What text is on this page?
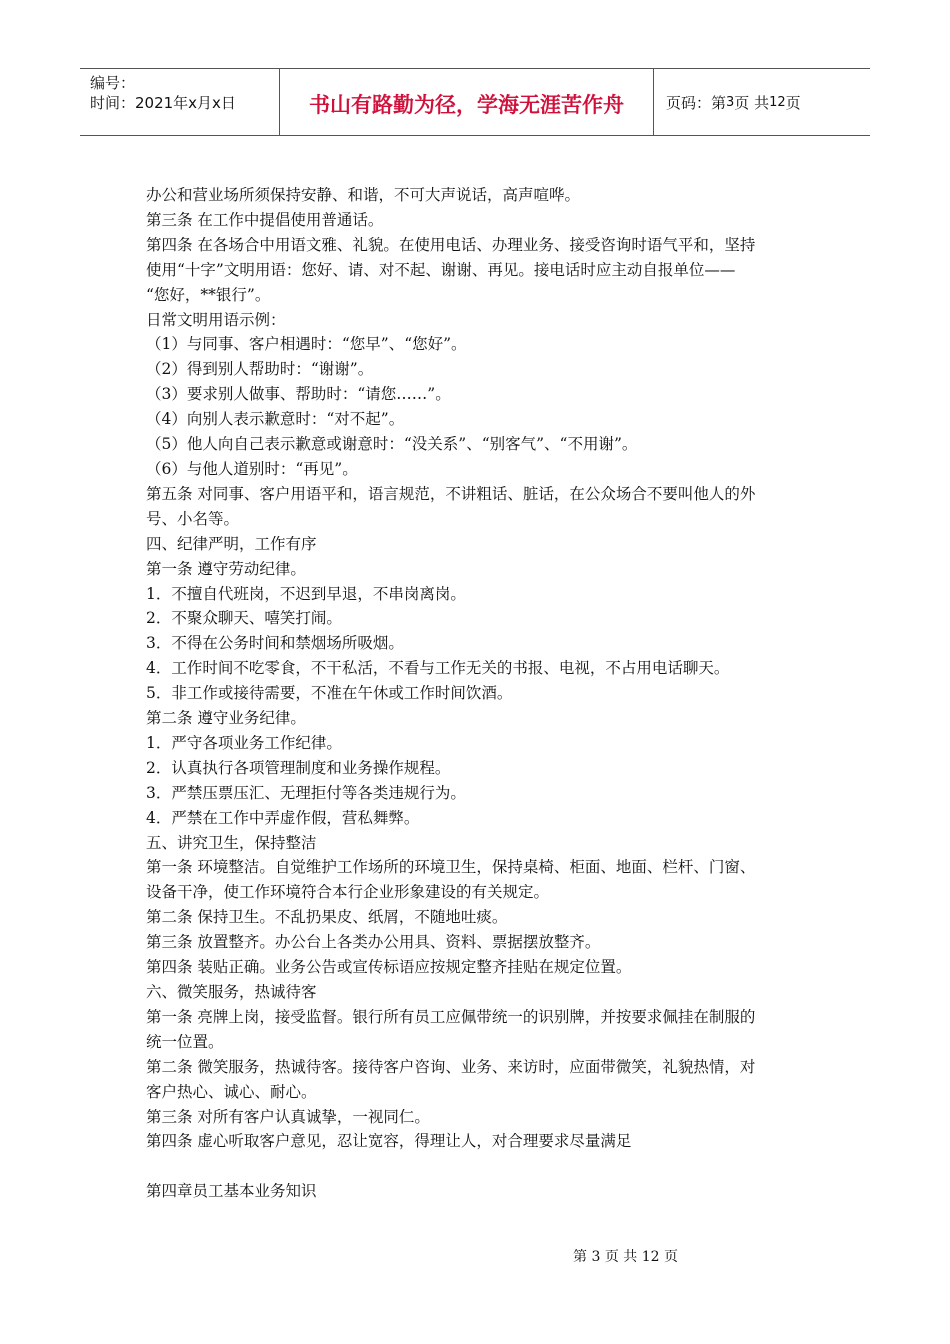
编号：
时间：2021年x月x日	书山有路勤为径，学海无涯苦作舟	页码：第 3 页 共 12 页

办公和营业场所须保持安静、和谐，不可大声说话，高声喧哗。

第三条 在工作中提倡使用普通话。

第四条 在各场合中用语文雅、礼貌。在使用电话、办理业务、接受咨询时语气平和，坚持

使用“十字”文明用语：您好、请、对不起、谢谢、再见。接电话时应主动自报单位——

“您好，**银行”。

日常文明用语示例：

（1）与同事、客户相遇时：“您早”、“您好”。

（2）得到别人帮助时：“谢谢”。

（3）要求别人做事、帮助时：“请您……”。

（4）向别人表示歉意时：“对不起”。

（5）他人向自己表示歉意或谢意时：“没关系”、“别客气”、“不用谢”。

（6）与他人道别时：“再见”。

第五条 对同事、客户用语平和，语言规范，不讲粗话、脏话，在公众场合不要叫他人的外

号、小名等。

四、纪律严明，工作有序

第一条 遵守劳动纪律。

1．不擅自代班岗，不迟到早退，不串岗离岗。

2．不聚众聊天、嘻笑打闹。

3．不得在公务时间和禁烟场所吸烟。

4．工作时间不吃零食，不干私活，不看与工作无关的书报、电视，不占用电话聊天。

5．非工作或接待需要，不准在午休或工作时间饮酒。

第二条 遵守业务纪律。

1．严守各项业务工作纪律。

2．认真执行各项管理制度和业务操作规程。

3．严禁压票压汇、无理拒付等各类违规行为。

4．严禁在工作中弄虚作假，营私舞弊。

五、讲究卫生，保持整洁

第一条 环境整洁。自觉维护工作场所的环境卫生，保持桌椅、柜面、地面、栏杆、门窗、

设备干净，使工作环境符合本行企业形象建设的有关规定。

第二条 保持卫生。不乱扔果皮、纸屑，不随地吐痰。

第三条 放置整齐。办公台上各类办公用具、资料、票据摆放整齐。

第四条 装贴正确。业务公告或宣传标语应按规定整齐挂贴在规定位置。

六、微笑服务，热诚待客

第一条 亮牌上岗，接受监督。银行所有员工应佩带统一的识别牌，并按要求佩挂在制服的

统一位置。

第二条 微笑服务，热诚待客。接待客户咨询、业务、来访时，应面带微笑，礼貌热情，对

客户热心、诚心、耐心。

第三条 对所有客户认真诚挚，一视同仁。

第四条 虚心听取客户意见，忍让宽容，得理让人，对合理要求尽量满足

第四章员工基本业务知识

第 3 页 共 12 页
